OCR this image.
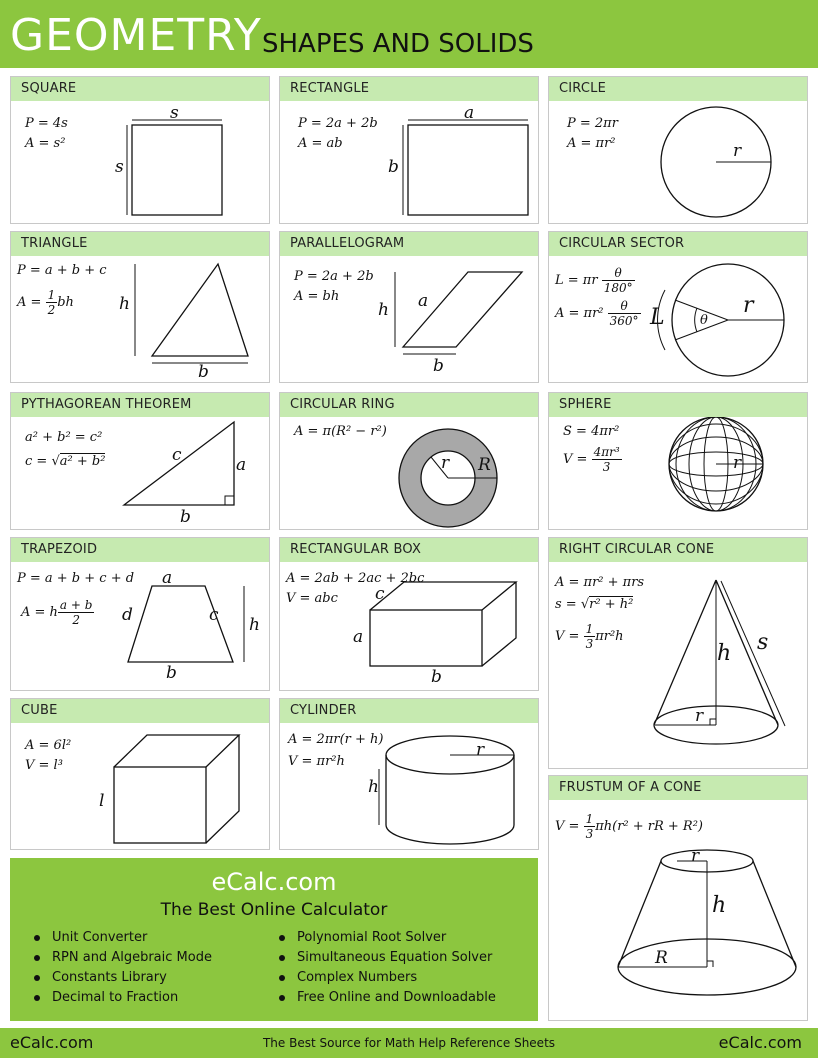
GEOMETRY SHAPES AND SOLIDS
SQUARE
P = 4s
A = s²
s
s
RECTANGLE
P = 2a + 2b
A = ab
a
b
CIRCLE
P = 2πr
A = πr²	r
TRIANGLE
P = a + b + c
$A = \frac{1}{2}$ bh	h
b
PARALLELOGRAM
P = 2a + 2b
A = bh
h a
b
CIRCULAR SECTOR
L = πr $\frac{\theta}{180^\circ}$
$A = \pi r^2 \frac{\theta}{360^\circ}$ L	θ
r
PYTHAGOREAN THEOREM
a² + b² = c²
c = √a² + b²	c	a
b
CIRCULAR RING
A = π(R² − r²)
r R
SPHERE
S = 4πr²
$V = \frac{\text{4πr³}}{3}$	r
TRAPEZOID
P = a + b + c + d
A = h $\frac{a + b}{2}$
a
d	c h
b
RECTANGULAR BOX
A = 2ab + 2ac + 2bc
V = abc c
a
b
RIGHT CIRCULAR CONE
A = πr² + πrs
s = √r² + h²
$V = \frac{1}{3} \pi r^2h$
h
r
s
CUBE
A = 6l²
V = l³
l
CYLINDER
A = 2πr(r + h)
V = πr²h
r
h	FRUSTUM OF A CONE
$V = \frac{1}{3} \pi h(r^2$ + rR + R²)
r
h
R
eCalc.com
The Best Online Calculator
Unit Converter
RPN and Algebraic Mode
Constants Library
Decimal to Fraction
Polynomial Root Solver
Simultaneous Equation Solver
Complex Numbers
Free Online and Downloadable
The Best Source for Math Help Reference Sheets
eCalc.com	eCalc.com
